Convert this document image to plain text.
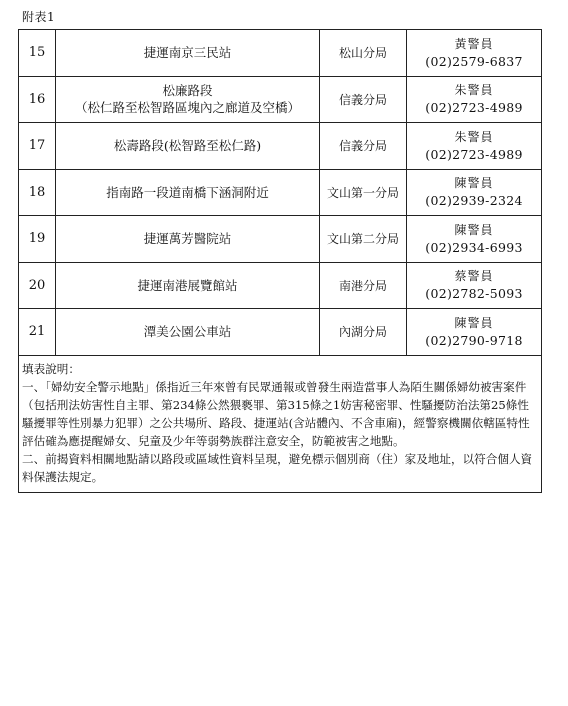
附表1
15	捷運南京三民站	松山分局	黃警員
(02)2579-6837

16	松廉路段
（松仁路至松智路區塊內之廊道及空橋）	信義分局	朱警員
(02)2723-4989

17	松壽路段(松智路至松仁路)	信義分局	朱警員
(02)2723-4989

18	指南路一段道南橋下涵洞附近	文山第一分局	陳警員
(02)2939-2324

19	捷運萬芳醫院站	文山第二分局	陳警員
(02)2934-6993

20	捷運南港展覽館站	南港分局	蔡警員
(02)2782-5093

21	潭美公園公車站	內湖分局	陳警員
(02)2790-9718

填表說明：
一、「婦幼安全警示地點」係指近三年來曾有民眾通報或曾發生兩造當事人為陌生關係婦幼被害案件（包括刑法妨害性自主罪、第234條公然猥褻罪、第315條之1妨害秘密罪、性騷擾防治法第25條性騷擾罪等性別暴力犯罪）之公共場所、路段、捷運站(含站體內、不含車廂)，經警察機關依轄區特性評估確為應提醒婦女、兒童及少年等弱勢族群注意安全，防範被害之地點。
二、前揭資料相關地點請以路段或區域性資料呈現，避免標示個別商（住）家及地址，以符合個人資料保護法規定。			
